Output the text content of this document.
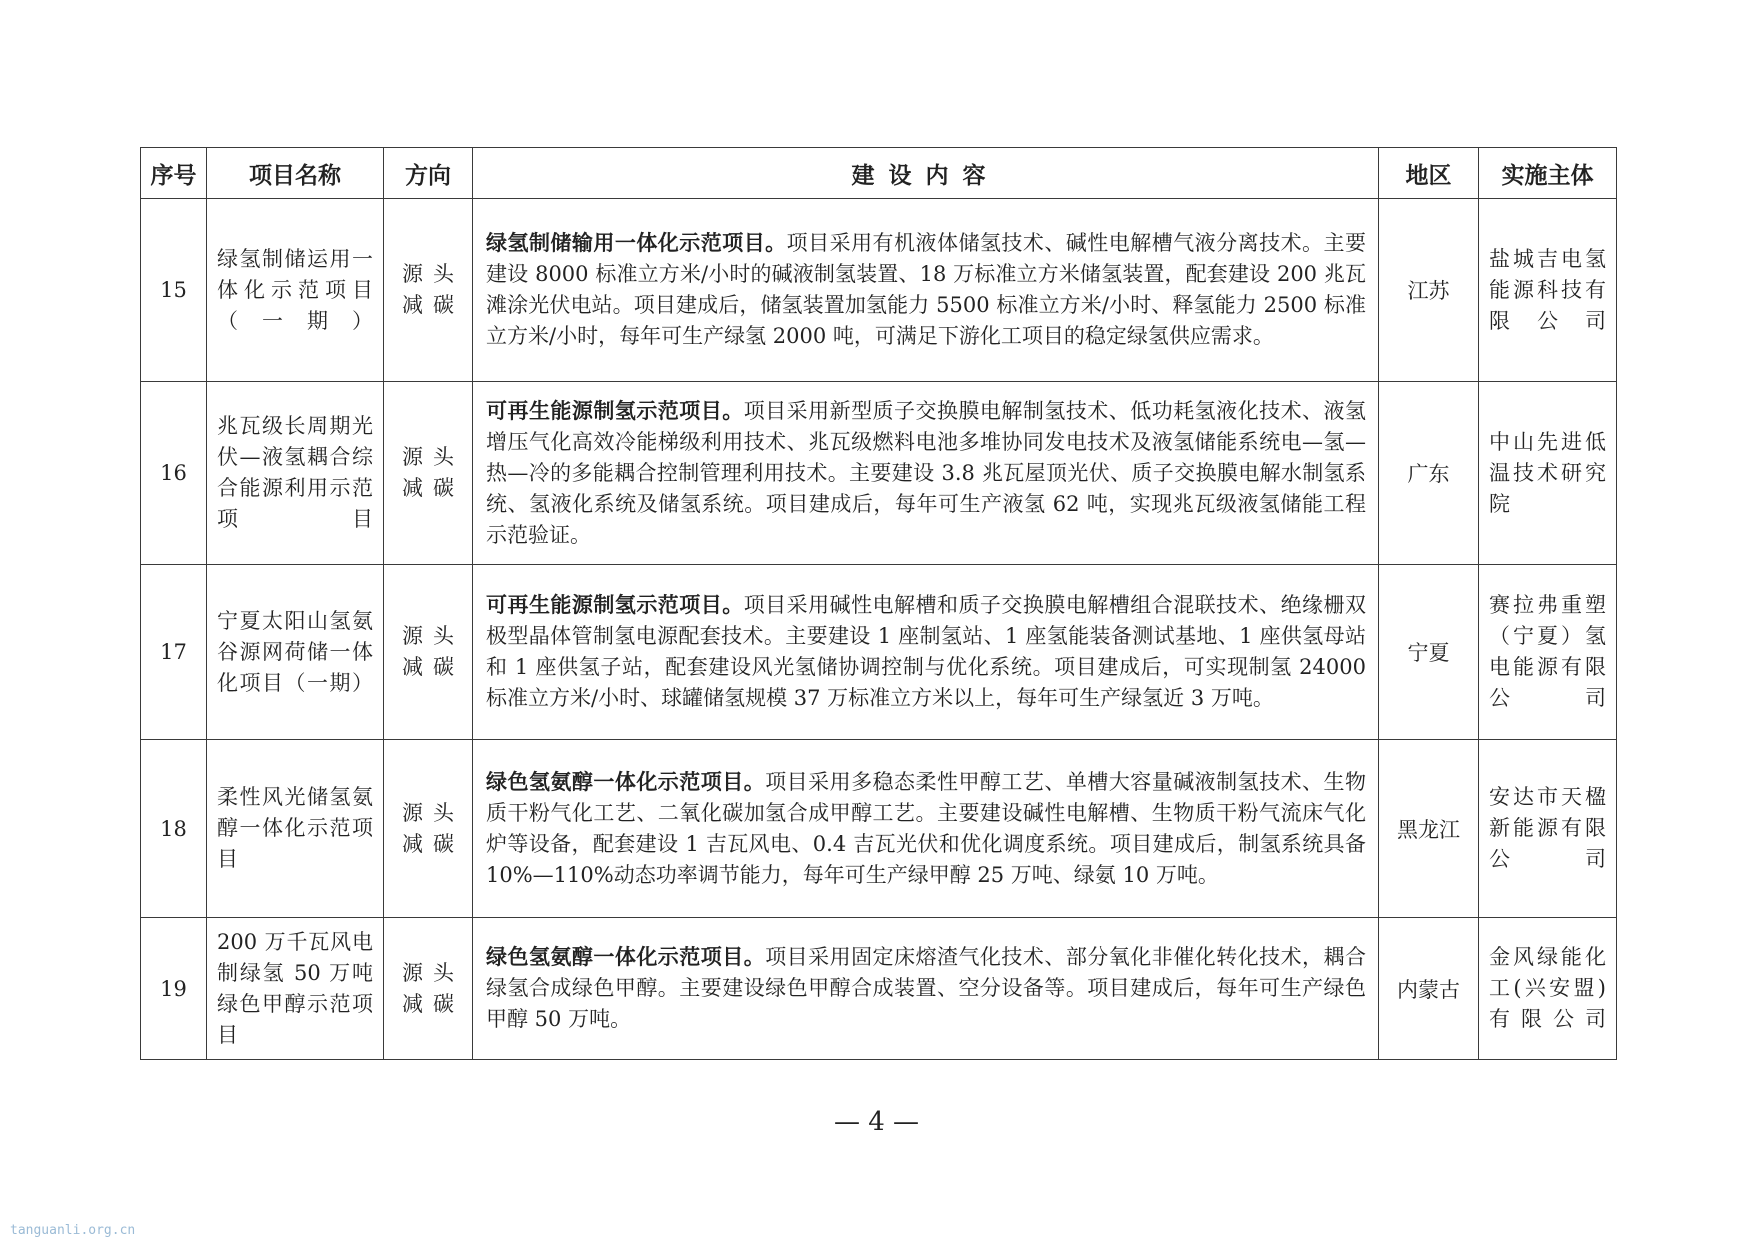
序号	项目名称	方向	建设内容	地区	实施主体
15	绿氢制储运用一体化示范项目（一期）	源头减碳	绿氢制储输用一体化示范项目。项目采用有机液体储氢技术、碱性电解槽气液分离技术。主要建设 8000 标准立方米/小时的碱液制氢装置、18 万标准立方米储氢装置，配套建设 200 兆瓦滩涂光伏电站。项目建成后，储氢装置加氢能力 5500 标准立方米/小时、释氢能力 2500 标准立方米/小时，每年可生产绿氢 2000 吨，可满足下游化工项目的稳定绿氢供应需求。	江苏	盐城吉电氢能源科技有限公司
16	兆瓦级长周期光伏—液氢耦合综合能源利用示范项目	源头减碳	可再生能源制氢示范项目。项目采用新型质子交换膜电解制氢技术、低功耗氢液化技术、液氢增压气化高效冷能梯级利用技术、兆瓦级燃料电池多堆协同发电技术及液氢储能系统电—氢—热—冷的多能耦合控制管理利用技术。主要建设 3.8 兆瓦屋顶光伏、质子交换膜电解水制氢系统、氢液化系统及储氢系统。项目建成后，每年可生产液氢 62 吨，实现兆瓦级液氢储能工程示范验证。	广东	中山先进低温技术研究院
17	宁夏太阳山氢氨谷源网荷储一体化项目（一期）	源头减碳	可再生能源制氢示范项目。项目采用碱性电解槽和质子交换膜电解槽组合混联技术、绝缘栅双极型晶体管制氢电源配套技术。主要建设 1 座制氢站、1 座氢能装备测试基地、1 座供氢母站和 1 座供氢子站，配套建设风光氢储协调控制与优化系统。项目建成后，可实现制氢 24000 标准立方米/小时、球罐储氢规模 37 万标准立方米以上，每年可生产绿氢近 3 万吨。	宁夏	赛拉弗重塑（宁夏）氢电能源有限公司
18	柔性风光储氢氨醇一体化示范项目	源头减碳	绿色氢氨醇一体化示范项目。项目采用多稳态柔性甲醇工艺、单槽大容量碱液制氢技术、生物质干粉气化工艺、二氧化碳加氢合成甲醇工艺。主要建设碱性电解槽、生物质干粉气流床气化炉等设备，配套建设 1 吉瓦风电、0.4 吉瓦光伏和优化调度系统。项目建成后，制氢系统具备 10%—110%动态功率调节能力，每年可生产绿甲醇 25 万吨、绿氨 10 万吨。	黑龙江	安达市天楹新能源有限公司
19	200 万千瓦风电制绿氢 50 万吨绿色甲醇示范项目	源头减碳	绿色氢氨醇一体化示范项目。项目采用固定床熔渣气化技术、部分氧化非催化转化技术，耦合绿氢合成绿色甲醇。主要建设绿色甲醇合成装置、空分设备等。项目建成后，每年可生产绿色甲醇 50 万吨。	内蒙古	金风绿能化工(兴安盟)有限公司
— 4 —
tanguanli.org.cn
